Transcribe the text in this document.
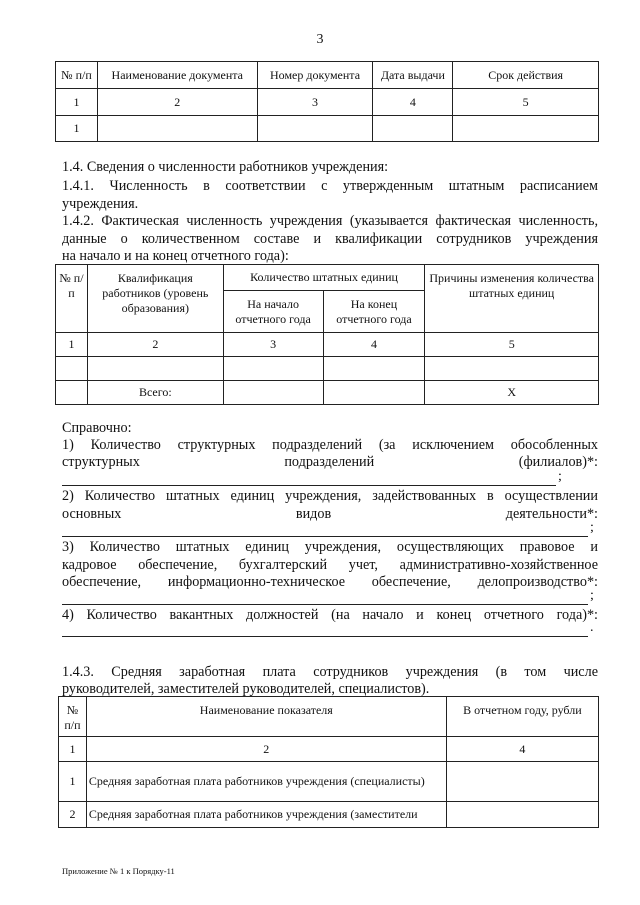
3
№ п/п	Наименование документа	Номер документа	Дата выдачи	Срок действия
1	2	3	4	5
1				
1.4. Сведения о численности работников учреждения:
1.4.1. Численность в соответствии с утвержденным штатным расписанием
учреждения.
1.4.2. Фактическая численность учреждения (указывается фактическая численность,
данные о количественном составе и квалификации сотрудников учреждения
на начало и на конец отчетного года):
№ п/п	Квалификация работников (уровень образования)	Количество штатных единиц		Причины изменения количества штатных единиц
		На начало отчетного года	На конец отчетного года	
1	2	3	4	5

	Всего:			X
Справочно:
1) Количество структурных подразделений (за исключением обособленных
структурных подразделений (филиалов)*:
;
2) Количество штатных единиц учреждения, задействованных в осуществлении
основных видов деятельности*:
;
3) Количество штатных единиц учреждения, осуществляющих правовое и
кадровое обеспечение, бухгалтерский учет, административно-хозяйственное
обеспечение, информационно-техническое обеспечение, делопроизводство*:
;
4) Количество вакантных должностей (на начало и конец отчетного года)*:
.
1.4.3. Средняя заработная плата сотрудников учреждения (в том числе
руководителей, заместителей руководителей, специалистов).
№ п/п	Наименование показателя	В отчетном году, рубли
1	2	4
1	Средняя заработная плата работников учреждения (специалисты)	
2	Средняя заработная плата работников учреждения (заместители	
Приложение № 1 к Порядку-11
